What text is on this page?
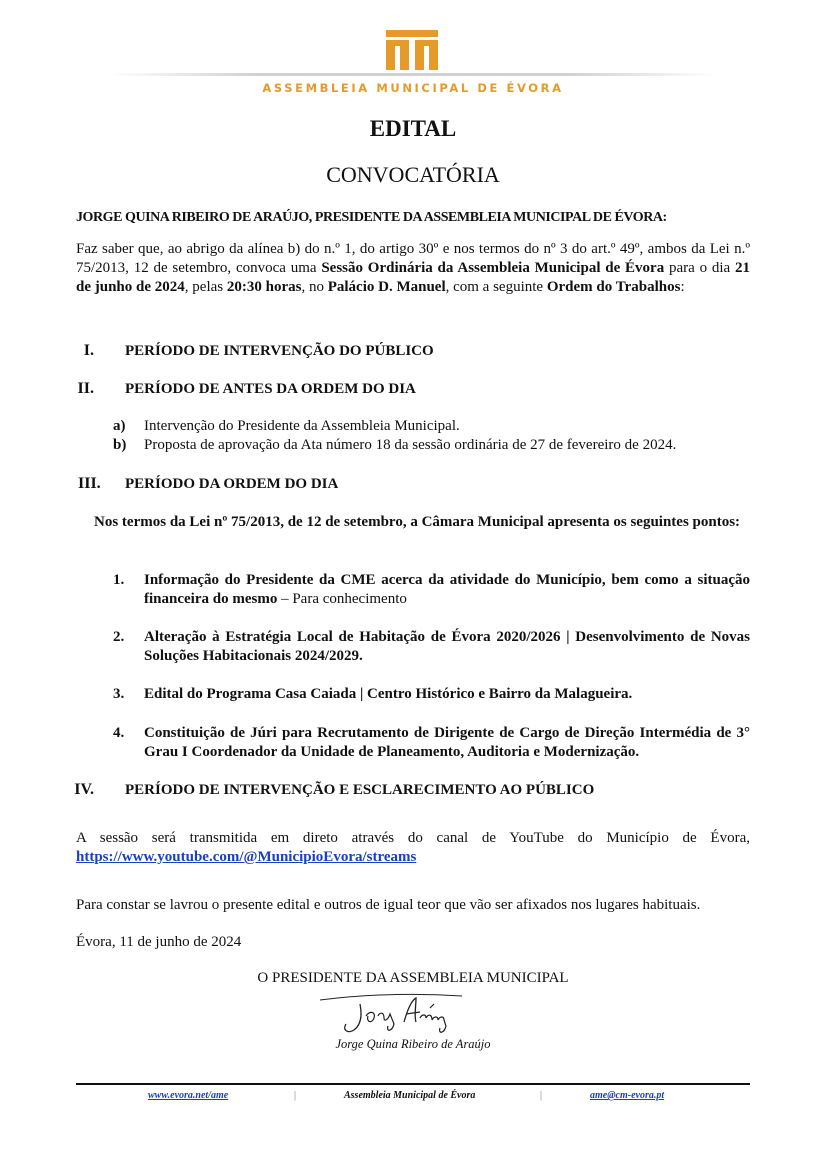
ASSEMBLEIA MUNICIPAL DE ÉVORA
EDITAL
CONVOCATÓRIA
JORGE QUINA RIBEIRO DE ARAÚJO, PRESIDENTE DA ASSEMBLEIA MUNICIPAL DE ÉVORA:
Faz saber que, ao abrigo da alínea b) do n.º 1, do artigo 30º e nos termos do nº 3 do art.º 49º, ambos da Lei n.º 75/2013, 12 de setembro, convoca uma Sessão Ordinária da Assembleia Municipal de Évora para o dia 21 de junho de 2024, pelas 20:30 horas, no Palácio D. Manuel, com a seguinte Ordem do Trabalhos:
I. PERÍODO DE INTERVENÇÃO DO PÚBLICO
II. PERÍODO DE ANTES DA ORDEM DO DIA
a) Intervenção do Presidente da Assembleia Municipal.
b) Proposta de aprovação da Ata número 18 da sessão ordinária de 27 de fevereiro de 2024.
III. PERÍODO DA ORDEM DO DIA
Nos termos da Lei nº 75/2013, de 12 de setembro, a Câmara Municipal apresenta os seguintes pontos:
1. Informação do Presidente da CME acerca da atividade do Município, bem como a situação financeira do mesmo – Para conhecimento
2. Alteração à Estratégia Local de Habitação de Évora 2020/2026 | Desenvolvimento de Novas Soluções Habitacionais 2024/2029.
3. Edital do Programa Casa Caiada | Centro Histórico e Bairro da Malagueira.
4. Constituição de Júri para Recrutamento de Dirigente de Cargo de Direção Intermédia de 3° Grau I Coordenador da Unidade de Planeamento, Auditoria e Modernização.
IV. PERÍODO DE INTERVENÇÃO E ESCLARECIMENTO AO PÚBLICO
A sessão será transmitida em direto através do canal de YouTube do Município de Évora, https://www.youtube.com/@MunicipioEvora/streams
Para constar se lavrou o presente edital e outros de igual teor que vão ser afixados nos lugares habituais.
Évora, 11 de junho de 2024
O PRESIDENTE DA ASSEMBLEIA MUNICIPAL
Jorge Quina Ribeiro de Araújo
www.evora.net/ame	|	Assembleia Municipal de Évora	|	ame@cm-evora.pt
